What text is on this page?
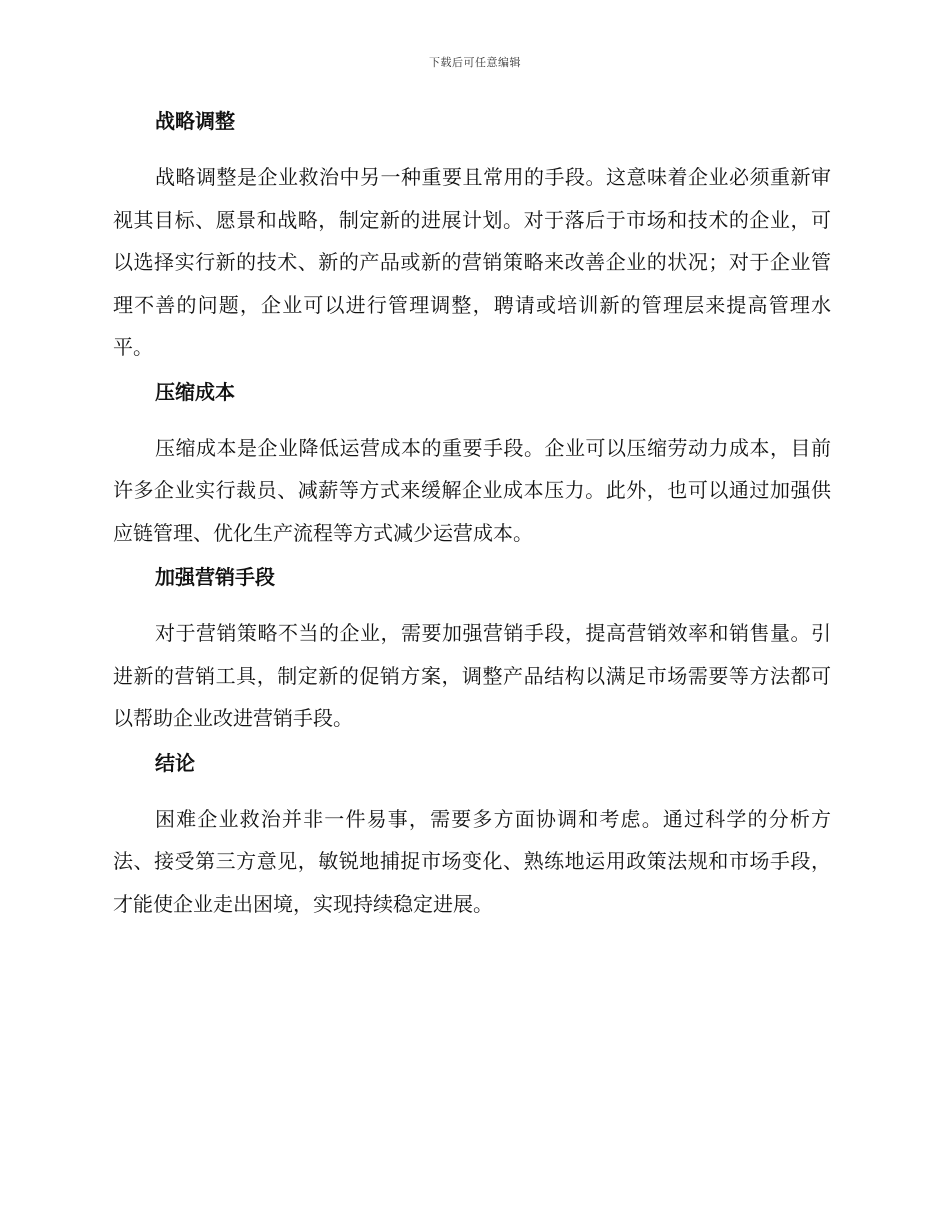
下载后可任意编辑
战略调整

战略调整是企业救治中另一种重要且常用的手段。这意味着企业必须重新审视其目标、愿景和战略，制定新的进展计划。对于落后于市场和技术的企业，可以选择实行新的技术、新的产品或新的营销策略来改善企业的状况；对于企业管理不善的问题，企业可以进行管理调整，聘请或培训新的管理层来提高管理水平。

压缩成本

压缩成本是企业降低运营成本的重要手段。企业可以压缩劳动力成本，目前许多企业实行裁员、减薪等方式来缓解企业成本压力。此外，也可以通过加强供应链管理、优化生产流程等方式减少运营成本。

加强营销手段

对于营销策略不当的企业，需要加强营销手段，提高营销效率和销售量。引进新的营销工具，制定新的促销方案，调整产品结构以满足市场需要等方法都可以帮助企业改进营销手段。

结论

困难企业救治并非一件易事，需要多方面协调和考虑。通过科学的分析方法、接受第三方意见，敏锐地捕捉市场变化、熟练地运用政策法规和市场手段，才能使企业走出困境，实现持续稳定进展。
